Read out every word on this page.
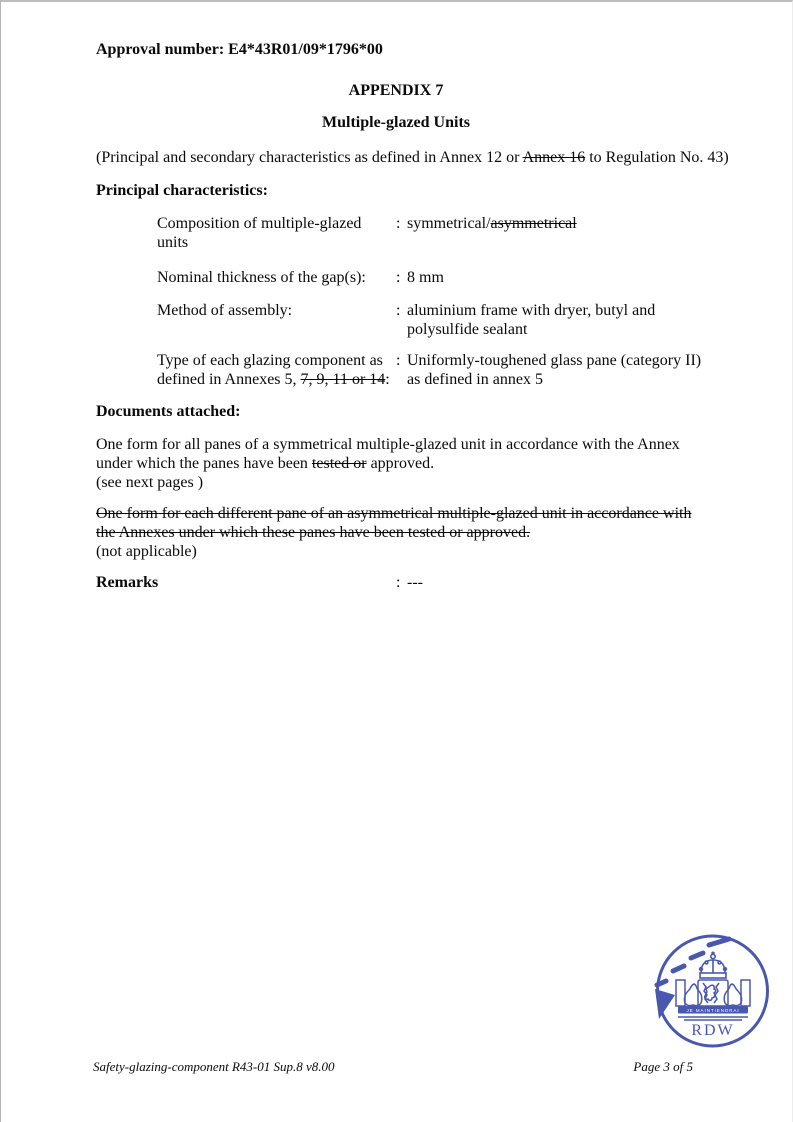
Approval number: E4*43R01/09*1796*00
APPENDIX 7
Multiple-glazed Units
(Principal and secondary characteristics as defined in Annex 12 or Annex 16 to Regulation No. 43)
Principal characteristics:
Composition of multiple-glazed units
: symmetrical/asymmetrical
Nominal thickness of the gap(s):	: 8 mm
Method of assembly:	: aluminium frame with dryer, butyl and polysulfide sealant
Type of each glazing component as defined in Annexes 5, 7, 9, 11 or 14:
: Uniformly-toughened glass pane (category II) as defined in annex 5
Documents attached:
One form for all panes of a symmetrical multiple-glazed unit in accordance with the Annex under which the panes have been tested or approved.
(see next pages )
One form for each different pane of an asymmetrical multiple-glazed unit in accordance with the Annexes under which these panes have been tested or approved.
(not applicable)
Remarks	: ---
JE MAINTIENDRAI
RDW
Safety-glazing-component R43-01 Sup.8 v8.00	Page 3 of 5
